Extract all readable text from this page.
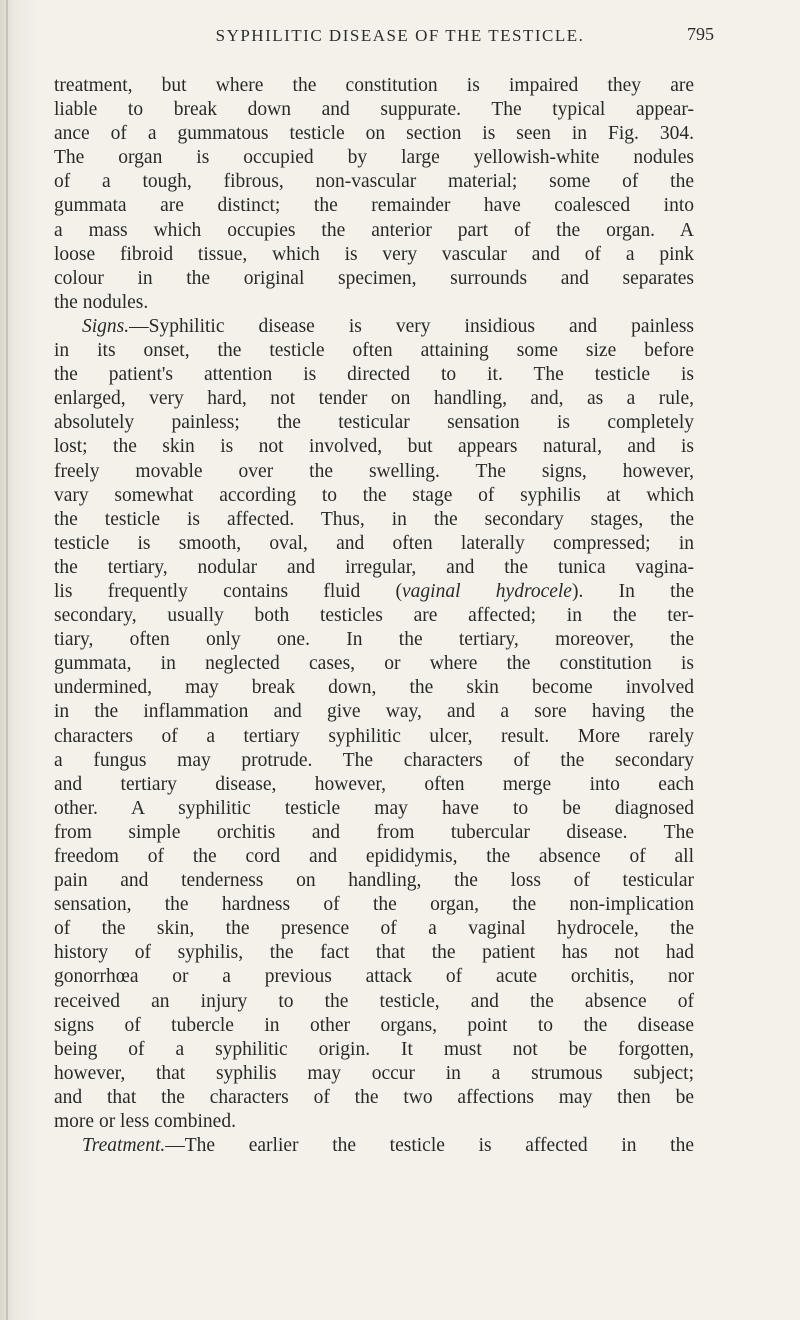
SYPHILITIC DISEASE OF THE TESTICLE.	795

treatment, but where the constitution is impaired they are
liable to break down and suppurate. The typical appear-
ance of a gummatous testicle on section is seen in Fig. 304.
The organ is occupied by large yellowish-white nodules
of a tough, fibrous, non-vascular material; some of the
gummata are distinct; the remainder have coalesced into
a mass which occupies the anterior part of the organ. A
loose fibroid tissue, which is very vascular and of a pink
colour in the original specimen, surrounds and separates
the nodules.

Signs.—Syphilitic disease is very insidious and painless
in its onset, the testicle often attaining some size before
the patient's attention is directed to it. The testicle is
enlarged, very hard, not tender on handling, and, as a rule,
absolutely painless; the testicular sensation is completely
lost; the skin is not involved, but appears natural, and is
freely movable over the swelling. The signs, however,
vary somewhat according to the stage of syphilis at which
the testicle is affected. Thus, in the secondary stages, the
testicle is smooth, oval, and often laterally compressed; in
the tertiary, nodular and irregular, and the tunica vagina-
lis frequently contains fluid (vaginal hydrocele). In the
secondary, usually both testicles are affected; in the ter-
tiary, often only one. In the tertiary, moreover, the
gummata, in neglected cases, or where the constitution is
undermined, may break down, the skin become involved
in the inflammation and give way, and a sore having the
characters of a tertiary syphilitic ulcer, result. More rarely
a fungus may protrude. The characters of the secondary
and tertiary disease, however, often merge into each
other. A syphilitic testicle may have to be diagnosed
from simple orchitis and from tubercular disease. The
freedom of the cord and epididymis, the absence of all
pain and tenderness on handling, the loss of testicular
sensation, the hardness of the organ, the non-implication
of the skin, the presence of a vaginal hydrocele, the
history of syphilis, the fact that the patient has not had
gonorrhœa or a previous attack of acute orchitis, nor
received an injury to the testicle, and the absence of
signs of tubercle in other organs, point to the disease
being of a syphilitic origin. It must not be forgotten,
however, that syphilis may occur in a strumous subject;
and that the characters of the two affections may then be
more or less combined.

Treatment.—The earlier the testicle is affected in the
